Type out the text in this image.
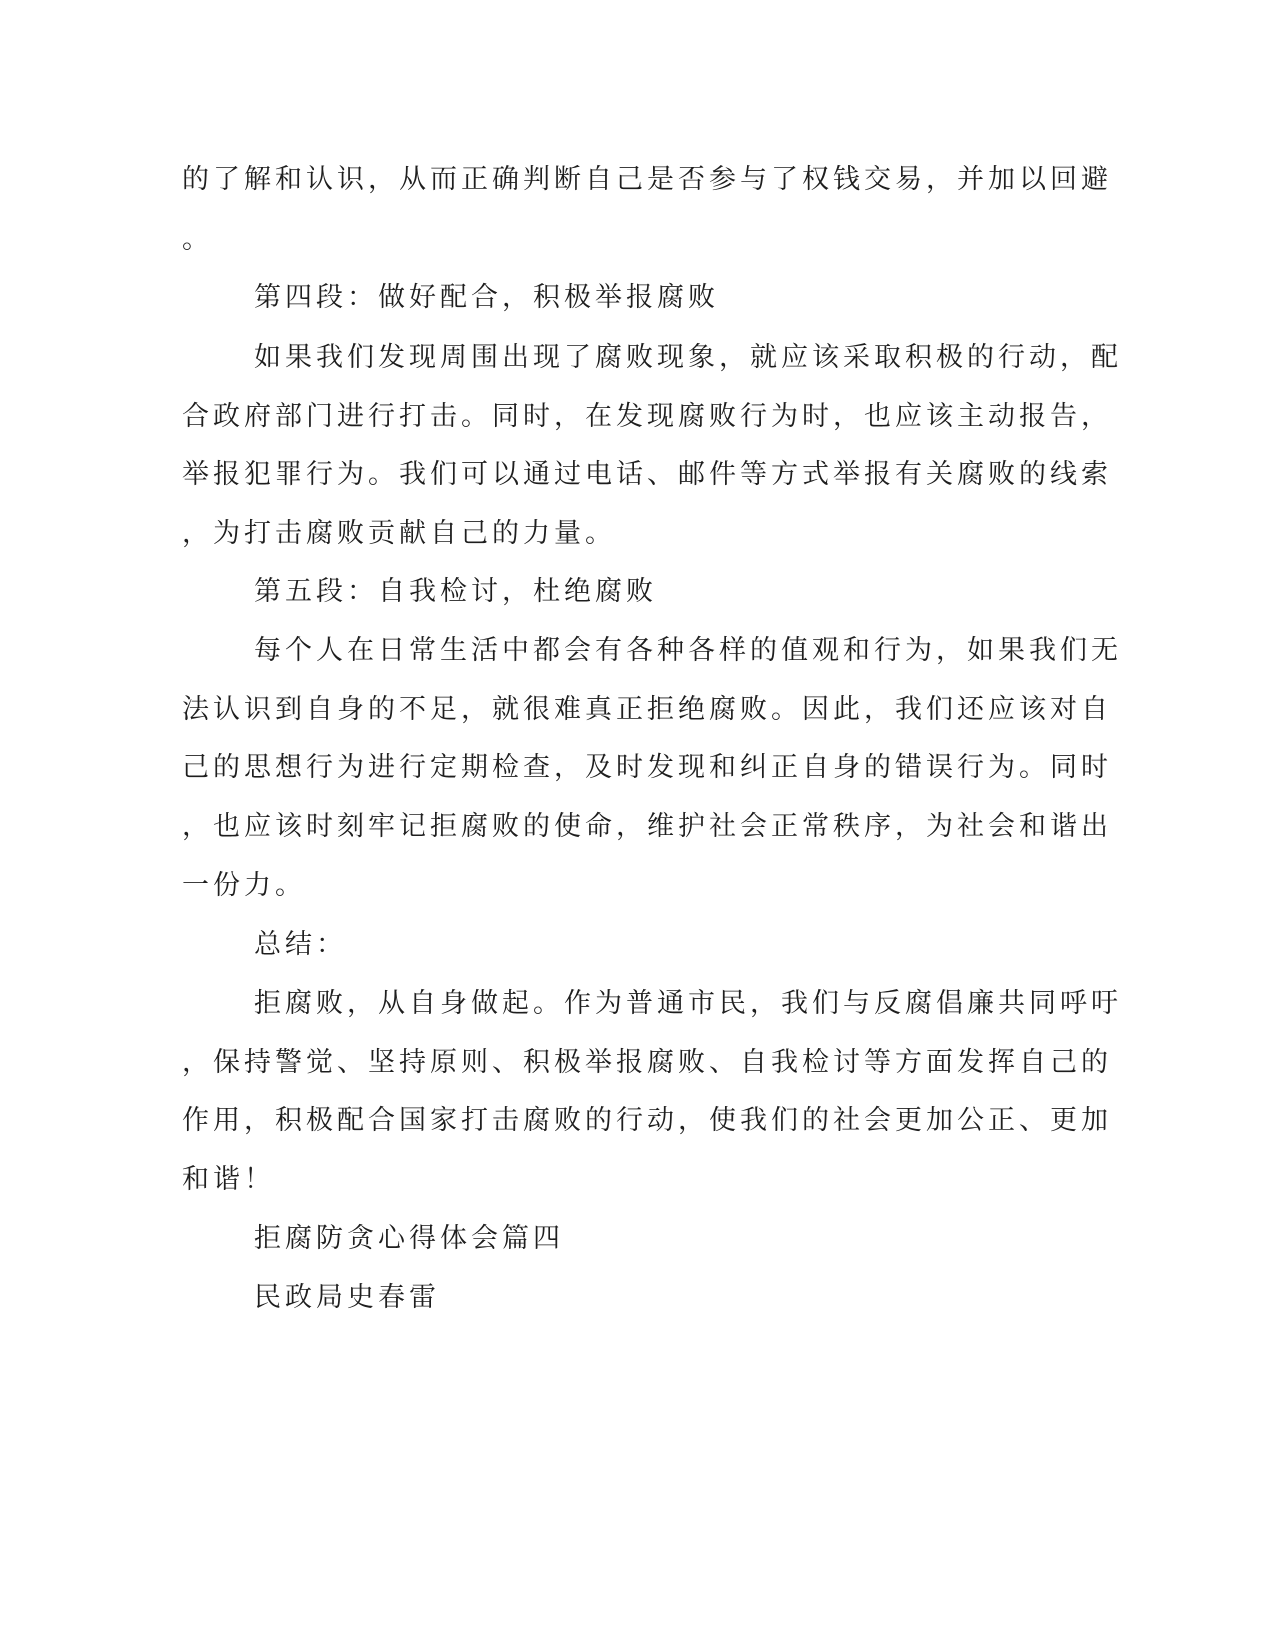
的了解和认识，从而正确判断自己是否参与了权钱交易，并加以回避
。
第四段：做好配合，积极举报腐败
如果我们发现周围出现了腐败现象，就应该采取积极的行动，配
合政府部门进行打击。同时，在发现腐败行为时，也应该主动报告，
举报犯罪行为。我们可以通过电话、邮件等方式举报有关腐败的线索
，为打击腐败贡献自己的力量。
第五段：自我检讨，杜绝腐败
每个人在日常生活中都会有各种各样的值观和行为，如果我们无
法认识到自身的不足，就很难真正拒绝腐败。因此，我们还应该对自
己的思想行为进行定期检查，及时发现和纠正自身的错误行为。同时
，也应该时刻牢记拒腐败的使命，维护社会正常秩序，为社会和谐出
一份力。
总结：
拒腐败，从自身做起。作为普通市民，我们与反腐倡廉共同呼吁
，保持警觉、坚持原则、积极举报腐败、自我检讨等方面发挥自己的
作用，积极配合国家打击腐败的行动，使我们的社会更加公正、更加
和谐！
拒腐防贪心得体会篇四
民政局史春雷
